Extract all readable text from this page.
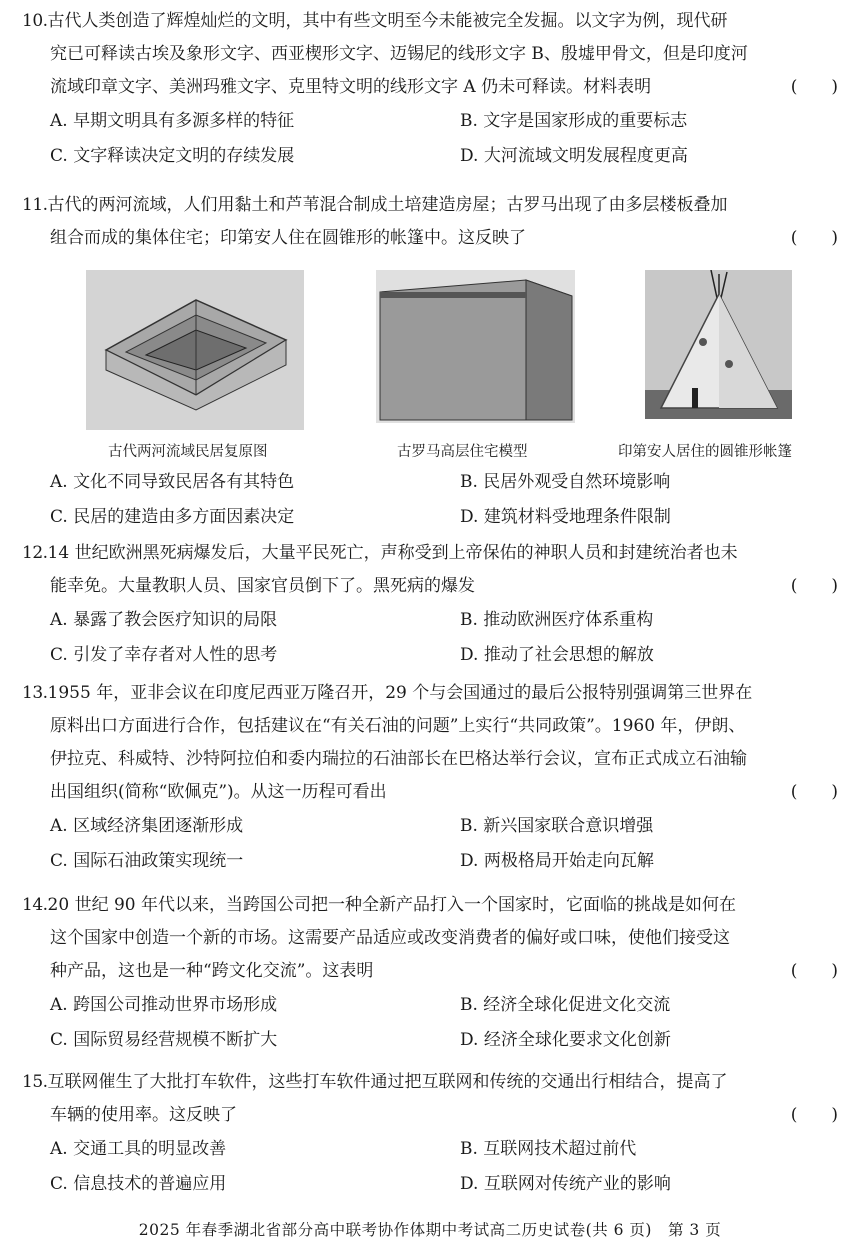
10.古代人类创造了辉煌灿烂的文明，其中有些文明至今未能被完全发掘。以文字为例，现代研
究已可释读古埃及象形文字、西亚楔形文字、迈锡尼的线形文字 B、殷墟甲骨文，但是印度河
流域印章文字、美洲玛雅文字、克里特文明的线形文字 A 仍未可释读。材料表明	(　　)
A. 早期文明具有多源多样的特征	B. 文字是国家形成的重要标志
C. 文字释读决定文明的存续发展	D. 大河流域文明发展程度更高
11.古代的两河流域，人们用黏土和芦苇混合制成土培建造房屋；古罗马出现了由多层楼板叠加
组合而成的集体住宅；印第安人住在圆锥形的帐篷中。这反映了	(　　)
古代两河流域民居复原图	古罗马高层住宅模型	印第安人居住的圆锥形帐篷
A. 文化不同导致民居各有其特色	B. 民居外观受自然环境影响
C. 民居的建造由多方面因素决定	D. 建筑材料受地理条件限制
12.14 世纪欧洲黑死病爆发后，大量平民死亡，声称受到上帝保佑的神职人员和封建统治者也未
能幸免。大量教职人员、国家官员倒下了。黑死病的爆发	(　　)
A. 暴露了教会医疗知识的局限	B. 推动欧洲医疗体系重构
C. 引发了幸存者对人性的思考	D. 推动了社会思想的解放
13.1955 年，亚非会议在印度尼西亚万隆召开，29 个与会国通过的最后公报特别强调第三世界在
原料出口方面进行合作，包括建议在“有关石油的问题”上实行“共同政策”。1960 年，伊朗、
伊拉克、科威特、沙特阿拉伯和委内瑞拉的石油部长在巴格达举行会议，宣布正式成立石油输
出国组织(简称“欧佩克”)。从这一历程可看出	(　　)
A. 区域经济集团逐渐形成	B. 新兴国家联合意识增强
C. 国际石油政策实现统一	D. 两极格局开始走向瓦解
14.20 世纪 90 年代以来，当跨国公司把一种全新产品打入一个国家时，它面临的挑战是如何在
这个国家中创造一个新的市场。这需要产品适应或改变消费者的偏好或口味，使他们接受这
种产品，这也是一种“跨文化交流”。这表明	(　　)
A. 跨国公司推动世界市场形成	B. 经济全球化促进文化交流
C. 国际贸易经营规模不断扩大	D. 经济全球化要求文化创新
15.互联网催生了大批打车软件，这些打车软件通过把互联网和传统的交通出行相结合，提高了
车辆的使用率。这反映了	(　　)
A. 交通工具的明显改善	B. 互联网技术超过前代
C. 信息技术的普遍应用	D. 互联网对传统产业的影响
2025 年春季湖北省部分高中联考协作体期中考试高二历史试卷(共 6 页)　第 3 页
